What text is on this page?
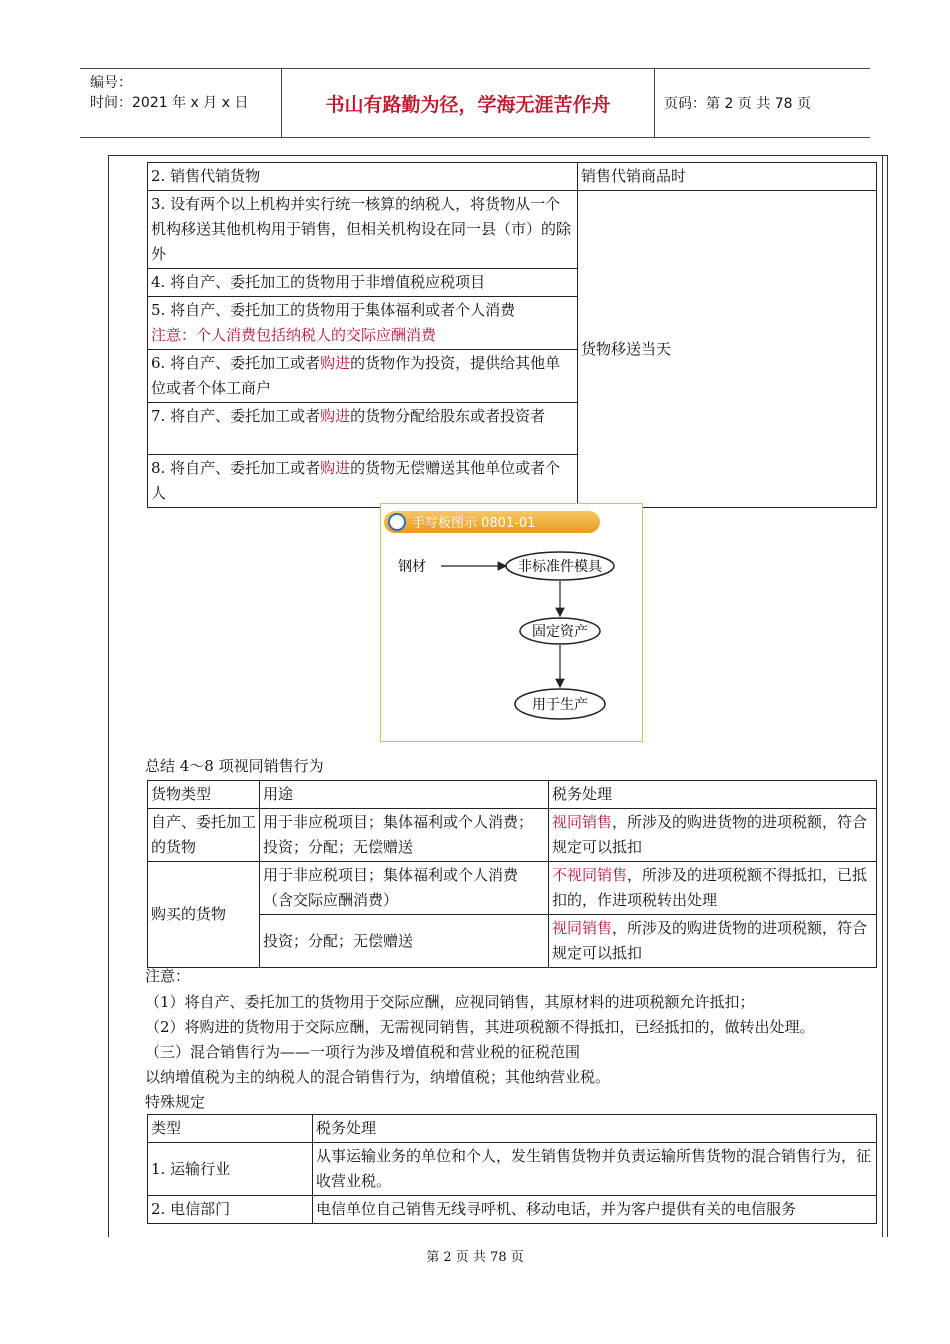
编号：
时间：2021 年 x 月 x 日	书山有路勤为径，学海无涯苦作舟	页码：第 2 页 共 78 页
2. 销售代销货物	销售代销商品时
3. 设有两个以上机构并实行统一核算的纳税人，将货物从一个机构移送其他机构用于销售，但相关机构设在同一县（市）的除外	货物移送当天
4. 将自产、委托加工的货物用于非增值税应税项目	

5. 将自产、委托加工的货物用于集体福利或者个人消费
注意：个人消费包括纳税人的交际应酬消费	

6. 将自产、委托加工或者购进的货物作为投资，提供给其他单位或者个体工商户	
7. 将自产、委托加工或者购进的货物分配给股东或者投资者	
8. 将自产、委托加工或者购进的货物无偿赠送其他单位或者个人	
手写板图示 0801-01
钢材	非标准件模具
固定资产
用于生产
总结 4～8 项视同销售行为
货物类型	用途	税务处理
自产、委托加工的货物	用于非应税项目；集体福利或个人消费；投资；分配；无偿赠送	视同销售，所涉及的购进货物的进项税额，符合规定可以抵扣
购买的货物	用于非应税项目；集体福利或个人消费（含交际应酬消费）	不视同销售，所涉及的进项税额不得抵扣，已抵扣的，作进项税转出处理
	投资；分配；无偿赠送	视同销售，所涉及的购进货物的进项税额，符合规定可以抵扣
注意：
（1）将自产、委托加工的货物用于交际应酬，应视同销售，其原材料的进项税额允许抵扣；
（2）将购进的货物用于交际应酬，无需视同销售，其进项税额不得抵扣，已经抵扣的，做转出处理。
（三）混合销售行为——一项行为涉及增值税和营业税的征税范围
以纳增值税为主的纳税人的混合销售行为，纳增值税；其他纳营业税。
特殊规定
类型	税务处理
1. 运输行业	从事运输业务的单位和个人，发生销售货物并负责运输所售货物的混合销售行为，征收营业税。
2. 电信部门	电信单位自己销售无线寻呼机、移动电话，并为客户提供有关的电信服务
第 2 页 共 78 页
